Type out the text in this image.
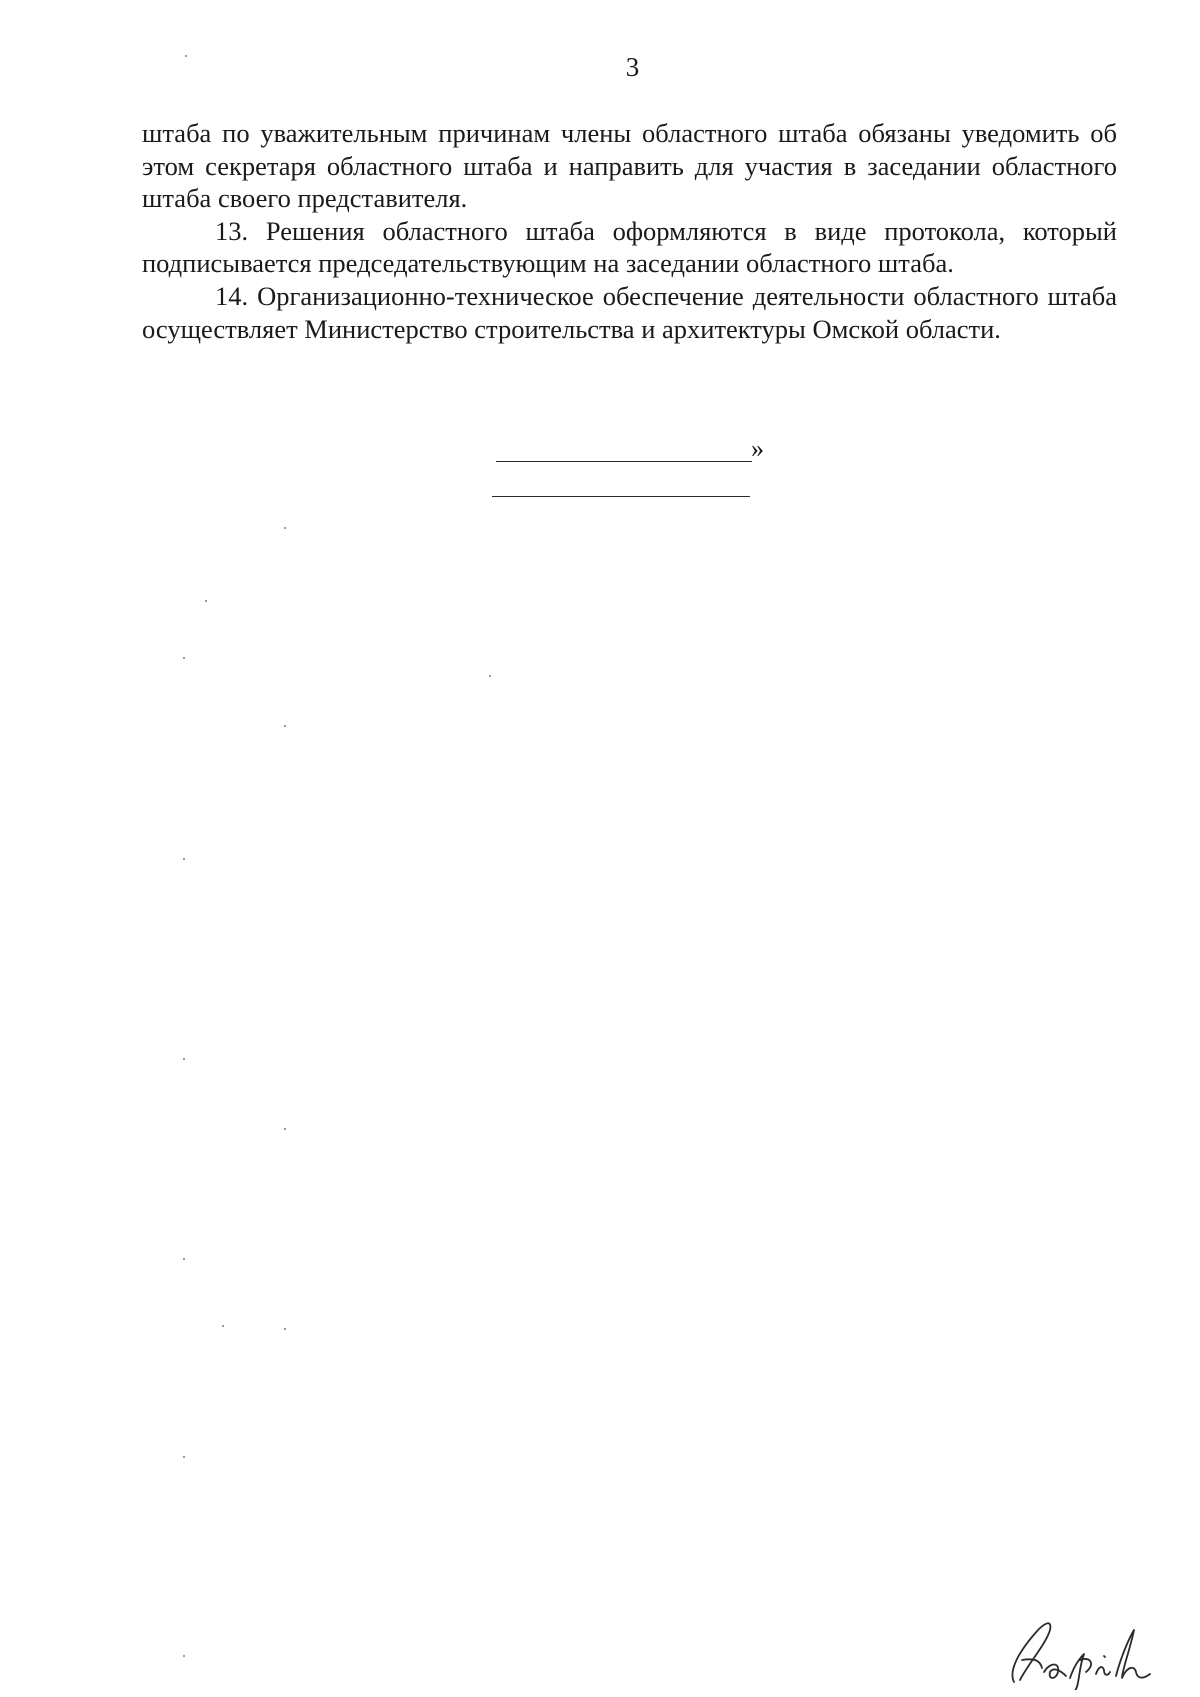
3

штаба по уважительным причинам члены областного штаба обязаны уведомить об этом секретаря областного штаба и направить для участия в заседании областного штаба своего представителя.

13. Решения областного штаба оформляются в виде протокола, который подписывается председательствующим на заседании областного штаба.

14. Организационно-техническое обеспечение деятельности областного штаба осуществляет Министерство строительства и архитектуры Омской области.

»
